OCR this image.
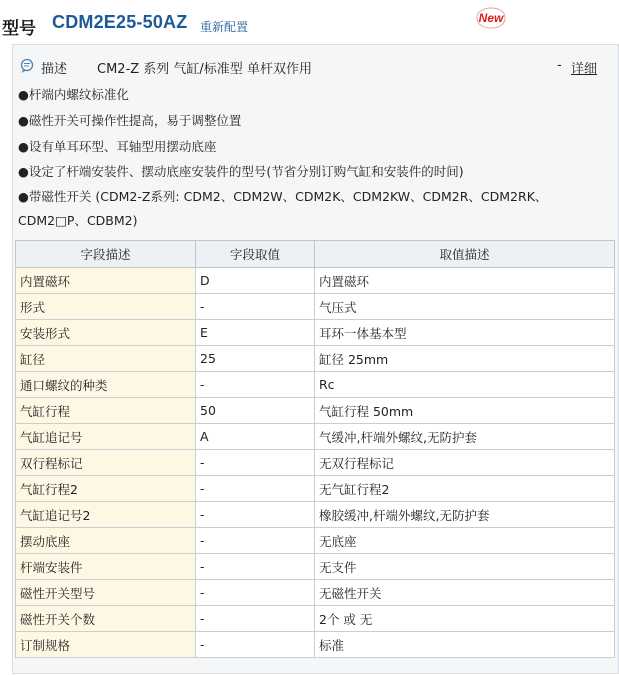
型号 CDM2E25-50AZ 重新配置
New
描述 CM2-Z 系列 气缸/标准型 单杆双作用	- 详细
●杆端内螺纹标准化
●磁性开关可操作性提高，易于调整位置
●设有单耳环型、耳轴型用摆动底座
●设定了杆端安装件、摆动底座安装件的型号(节省分别订购气缸和安装件的时间)
●带磁性开关 (CDM2-Z系列: CDM2、CDM2W、CDM2K、CDM2KW、CDM2R、CDM2RK、
CDM2□P、CDBM2)
字段描述	字段取值	取值描述
内置磁环	D	内置磁环
形式	-	气压式
安装形式	E	耳环一体基本型
缸径	25	缸径 25mm
通口螺纹的种类	-	Rc
气缸行程	50	气缸行程 50mm
气缸追记号	A	气缓冲,杆端外螺纹,无防护套
双行程标记	-	无双行程标记
气缸行程2	-	无气缸行程2
气缸追记号2	-	橡胶缓冲,杆端外螺纹,无防护套
摆动底座	-	无底座
杆端安装件	-	无支件
磁性开关型号	-	无磁性开关
磁性开关个数	-	2个 或 无
订制规格	-	标准
